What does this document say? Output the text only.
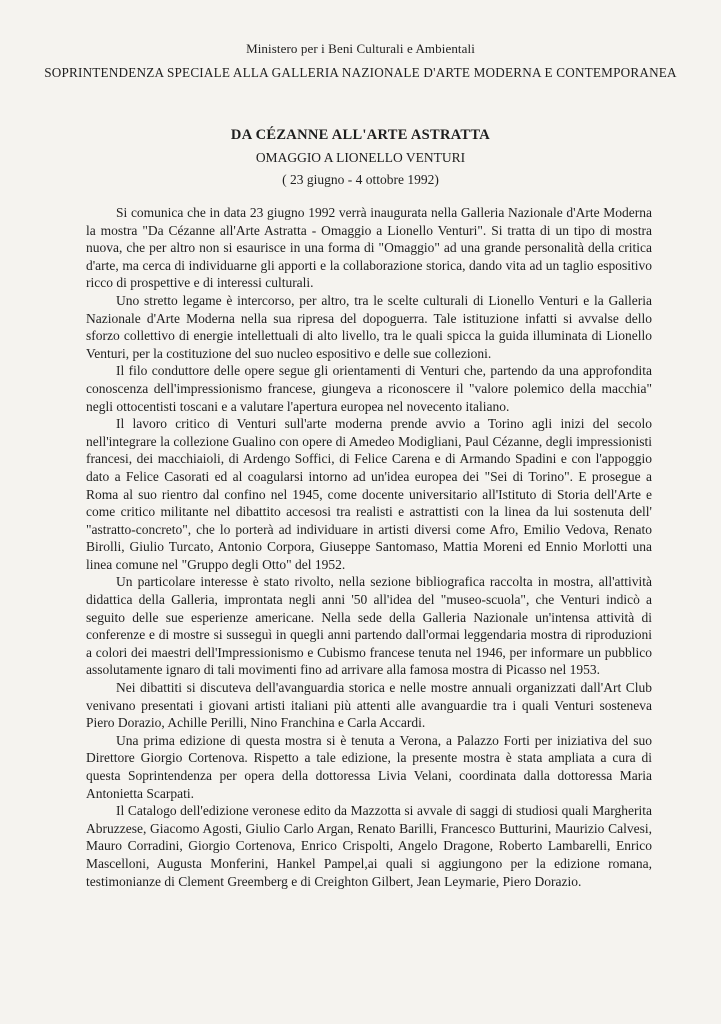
Ministero per i Beni Culturali e Ambientali
SOPRINTENDENZA SPECIALE ALLA GALLERIA NAZIONALE D'ARTE MODERNA E CONTEMPORANEA
DA CÉZANNE ALL'ARTE ASTRATTA
OMAGGIO A LIONELLO VENTURI
( 23 giugno - 4 ottobre 1992)

Si comunica che in data 23 giugno 1992 verrà inaugurata nella Galleria Nazionale d'Arte Moderna la mostra "Da Cézanne all'Arte Astratta - Omaggio a Lionello Venturi". Si tratta di un tipo di mostra nuova, che per altro non si esaurisce in una forma di "Omaggio" ad una grande personalità della critica d'arte, ma cerca di individuarne gli apporti e la collaborazione storica, dando vita ad un taglio espositivo ricco di prospettive e di interessi culturali.

Uno stretto legame è intercorso, per altro, tra le scelte culturali di Lionello Venturi e la Galleria Nazionale d'Arte Moderna nella sua ripresa del dopoguerra. Tale istituzione infatti si avvalse dello sforzo collettivo di energie intellettuali di alto livello, tra le quali spicca la guida illuminata di Lionello Venturi, per la costituzione del suo nucleo espositivo e delle sue collezioni.

Il filo conduttore delle opere segue gli orientamenti di Venturi che, partendo da una approfondita conoscenza dell'impressionismo francese, giungeva a riconoscere il "valore polemico della macchia" negli ottocentisti toscani e a valutare l'apertura europea nel novecento italiano.

Il lavoro critico di Venturi sull'arte moderna prende avvio a Torino agli inizi del secolo nell'integrare la collezione Gualino con opere di Amedeo Modigliani, Paul Cézanne, degli impressionisti francesi, dei macchiaioli, di Ardengo Soffici, di Felice Carena e di Armando Spadini e con l'appoggio dato a Felice Casorati ed al coagularsi intorno ad un'idea europea dei "Sei di Torino". E prosegue a Roma al suo rientro dal confino nel 1945, come docente universitario all'Istituto di Storia dell'Arte e come critico militante nel dibattito accesosi tra realisti e astrattisti con la linea da lui sostenuta dell' "astratto-concreto", che lo porterà ad individuare in artisti diversi come Afro, Emilio Vedova, Renato Birolli, Giulio Turcato, Antonio Corpora, Giuseppe Santomaso, Mattia Moreni ed Ennio Morlotti una linea comune nel "Gruppo degli Otto" del 1952.

Un particolare interesse è stato rivolto, nella sezione bibliografica raccolta in mostra, all'attività didattica della Galleria, improntata negli anni '50 all'idea del "museo-scuola", che Venturi indicò a seguito delle sue esperienze americane. Nella sede della Galleria Nazionale un'intensa attività di conferenze e di mostre si susseguì in quegli anni partendo dall'ormai leggendaria mostra di riproduzioni a colori dei maestri dell'Impressionismo e Cubismo francese tenuta nel 1946, per informare un pubblico assolutamente ignaro di tali movimenti fino ad arrivare alla famosa mostra di Picasso nel 1953.

Nei dibattiti si discuteva dell'avanguardia storica e nelle mostre annuali organizzati dall'Art Club venivano presentati i giovani artisti italiani più attenti alle avanguardie tra i quali Venturi sosteneva Piero Dorazio, Achille Perilli, Nino Franchina e Carla Accardi.

Una prima edizione di questa mostra si è tenuta a Verona, a Palazzo Forti per iniziativa del suo Direttore Giorgio Cortenova. Rispetto a tale edizione, la presente mostra è stata ampliata a cura di questa Soprintendenza per opera della dottoressa Livia Velani, coordinata dalla dottoressa Maria Antonietta Scarpati.

Il Catalogo dell'edizione veronese edito da Mazzotta si avvale di saggi di studiosi quali Margherita Abruzzese, Giacomo Agosti, Giulio Carlo Argan, Renato Barilli, Francesco Butturini, Maurizio Calvesi, Mauro Corradini, Giorgio Cortenova, Enrico Crispolti, Angelo Dragone, Roberto Lambarelli, Enrico Mascelloni, Augusta Monferini, Hankel Pampel,ai quali si aggiungono per la edizione romana, testimonianze di Clement Greemberg e di Creighton Gilbert, Jean Leymarie, Piero Dorazio.
